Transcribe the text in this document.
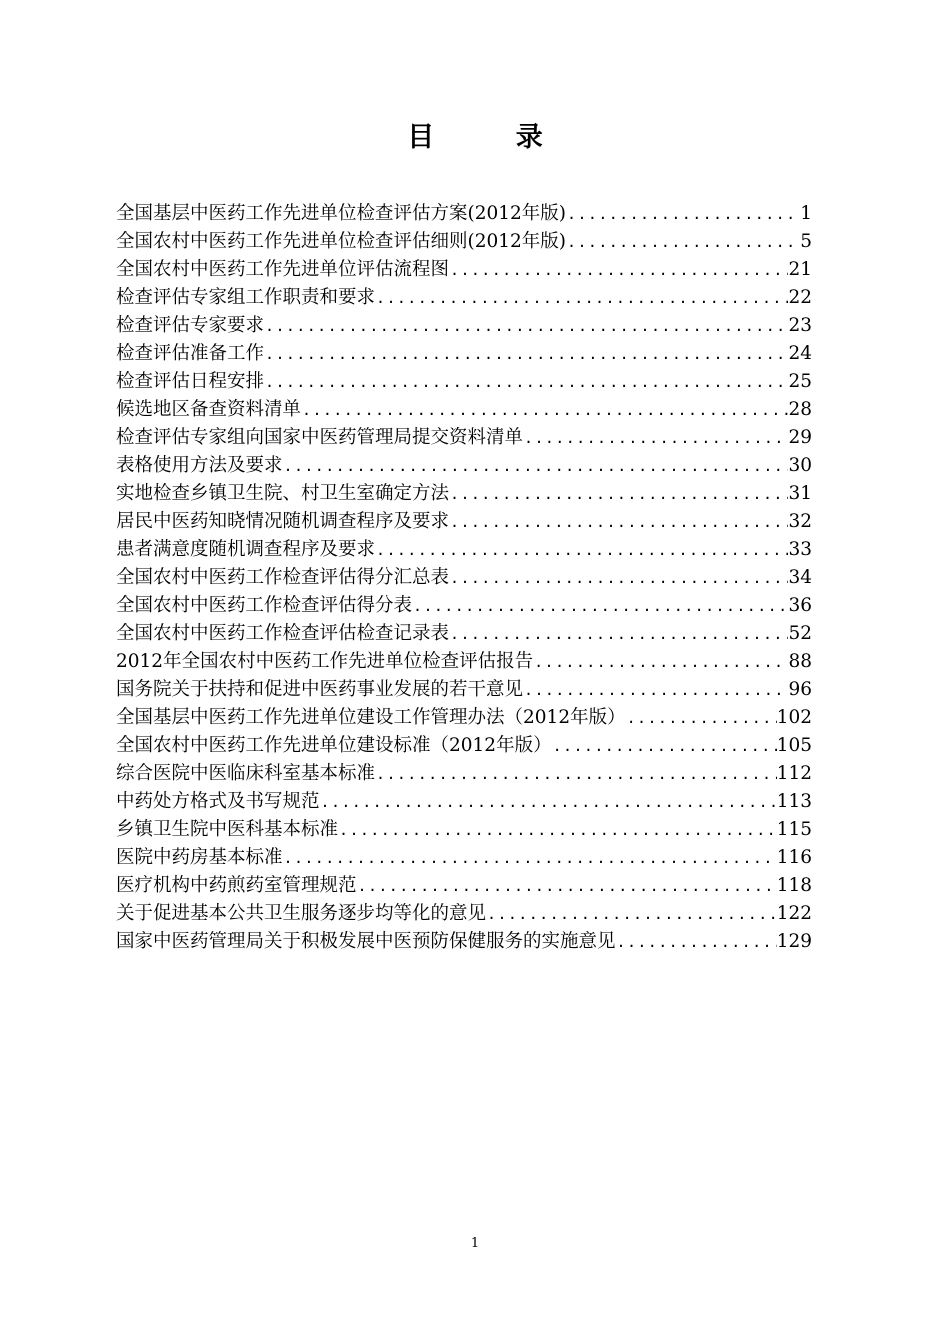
目 录
全国基层中医药工作先进单位检查评估方案(2012年版) .....	1
全国农村中医药工作先进单位检查评估细则(2012年版) .....	5
全国农村中医药工作先进单位评估流程图 .....	21
检查评估专家组工作职责和要求 .....	22
检查评估专家要求 .....	23
检查评估准备工作 .....	24
检查评估日程安排 .....	25
候选地区备查资料清单 .....	28
检查评估专家组向国家中医药管理局提交资料清单 .....	29
表格使用方法及要求 .....	30
实地检查乡镇卫生院、村卫生室确定方法 .....	31
居民中医药知晓情况随机调查程序及要求 .....	32
患者满意度随机调查程序及要求 .....	33
全国农村中医药工作检查评估得分汇总表 .....	34
全国农村中医药工作检查评估得分表 .....	36
全国农村中医药工作检查评估检查记录表 .....	52
2012年全国农村中医药工作先进单位检查评估报告 .....	88
国务院关于扶持和促进中医药事业发展的若干意见 .....	96
全国基层中医药工作先进单位建设工作管理办法（2012年版） .....	102
全国农村中医药工作先进单位建设标准（2012年版） .....	105
综合医院中医临床科室基本标准 .....	112
中药处方格式及书写规范 .....	113
乡镇卫生院中医科基本标准 .....	115
医院中药房基本标准 .....	116
医疗机构中药煎药室管理规范 .....	118
关于促进基本公共卫生服务逐步均等化的意见 .....	122
国家中医药管理局关于积极发展中医预防保健服务的实施意见 .....	129
1
